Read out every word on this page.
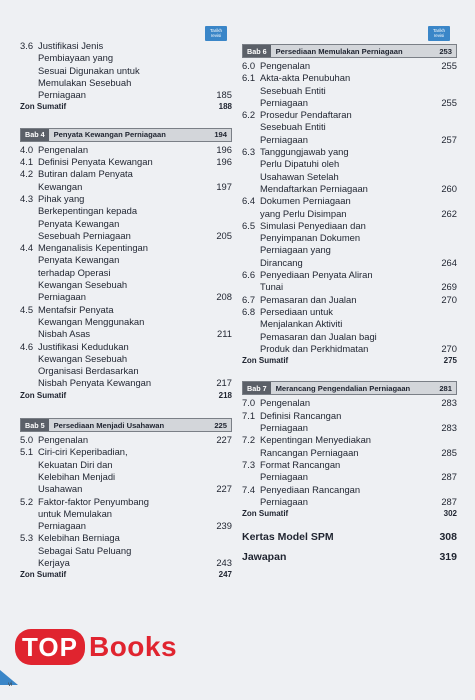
Tarikh revisi
Tarikh revisi
3.6 Justifikasi Jenis
Pembiayaan yang
Sesuai Digunakan untuk
Memulakan Sesebuah
Perniagaan	185
Zon Sumatif	188
Bab 4	Penyata Kewangan Perniagaan	194
4.0 Pengenalan	196
4.1 Definisi Penyata Kewangan	196
4.2 Butiran dalam Penyata
Kewangan	197
4.3 Pihak yang
Berkepentingan kepada
Penyata Kewangan
Sesebuah Perniagaan	205
4.4 Menganalisis Kepentingan
Penyata Kewangan
terhadap Operasi
Kewangan Sesebuah
Perniagaan	208
4.5 Mentafsir Penyata
Kewangan Menggunakan
Nisbah Asas	211
4.6 Justifikasi Kedudukan
Kewangan Sesebuah
Organisasi Berdasarkan
Nisbah Penyata Kewangan	217
Zon Sumatif	218
Bab 5	Persediaan Menjadi Usahawan	225
5.0 Pengenalan	227
5.1 Ciri-ciri Keperibadian,
Kekuatan Diri dan
Kelebihan Menjadi
Usahawan	227
5.2 Faktor-faktor Penyumbang
untuk Memulakan
Perniagaan	239
5.3 Kelebihan Berniaga
Sebagai Satu Peluang
Kerjaya	243
Zon Sumatif	247
Bab 6	Persediaan Memulakan Perniagaan	253
6.0 Pengenalan	255
6.1 Akta-akta Penubuhan
Sesebuah Entiti
Perniagaan	255
6.2 Prosedur Pendaftaran
Sesebuah Entiti
Perniagaan	257
6.3 Tanggungjawab yang
Perlu Dipatuhi oleh
Usahawan Setelah
Mendaftarkan Perniagaan	260
6.4 Dokumen Perniagaan
yang Perlu Disimpan	262
6.5 Simulasi Penyediaan dan
Penyimpanan Dokumen
Perniagaan yang
Dirancang	264
6.6 Penyediaan Penyata Aliran
Tunai	269
6.7 Pemasaran dan Jualan	270
6.8 Persediaan untuk
Menjalankan Aktiviti
Pemasaran dan Jualan bagi
Produk dan Perkhidmatan	270
Zon Sumatif	275
Bab 7	Merancang Pengendalian Perniagaan	281
7.0 Pengenalan	283
7.1 Definisi Rancangan
Perniagaan	283
7.2 Kepentingan Menyediakan
Rancangan Perniagaan	285
7.3 Format Rancangan
Perniagaan	287
7.4 Penyediaan Rancangan
Perniagaan	287
Zon Sumatif	302
Kertas Model SPM	308
Jawapan	319
TOP Books
vi
